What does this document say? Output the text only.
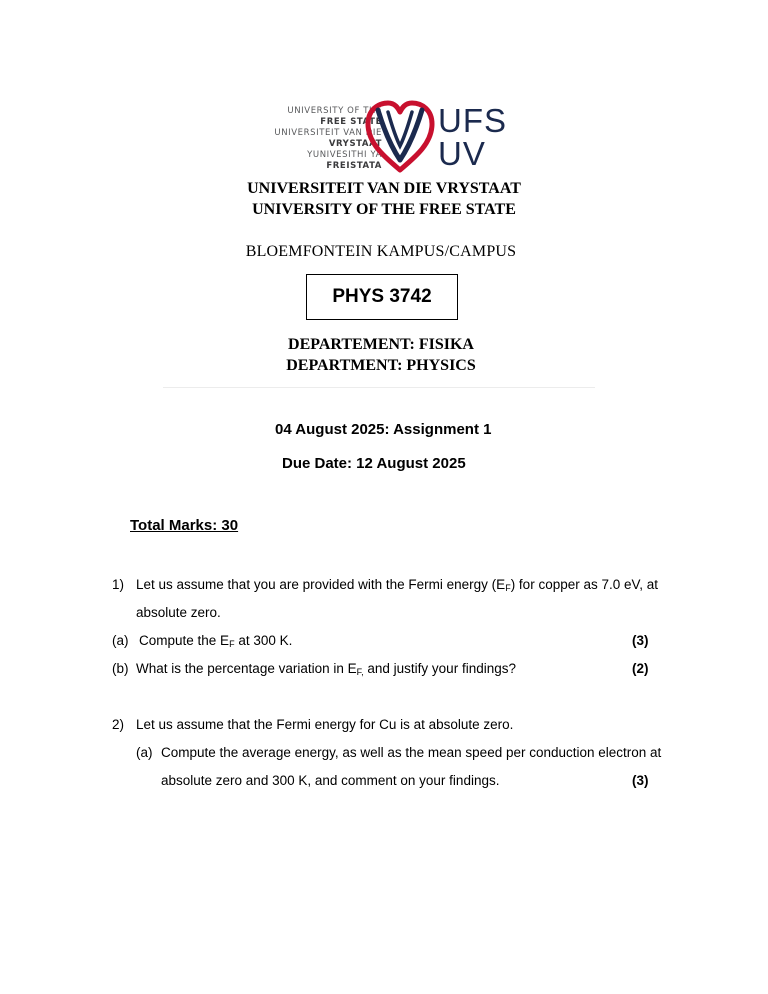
UNIVERSITY OF THE
FREE STATE
UNIVERSITEIT VAN DIE
VRYSTAAT
YUNIVESITHI YA
FREISTATA
UFS
UV
UNIVERSITEIT VAN DIE VRYSTAAT
UNIVERSITY OF THE FREE STATE
BLOEMFONTEIN KAMPUS/CAMPUS
PHYS 3742
DEPARTEMENT: FISIKA
DEPARTMENT: PHYSICS
04 August 2025: Assignment 1
Due Date: 12 August 2025
Total Marks: 30
1) Let us assume that you are provided with the Fermi energy $(E_F)$ for copper as 7.0 eV, at
absolute zero.
(a) Compute the $E_F$ at 300 K.	(3)
(b) What is the percentage variation in $E_{F,}$ and justify your findings?	(2)
2) Let us assume that the Fermi energy for Cu is at absolute zero.
(a) Compute the average energy, as well as the mean speed per conduction electron at
absolute zero and 300 K, and comment on your findings.	(3)
